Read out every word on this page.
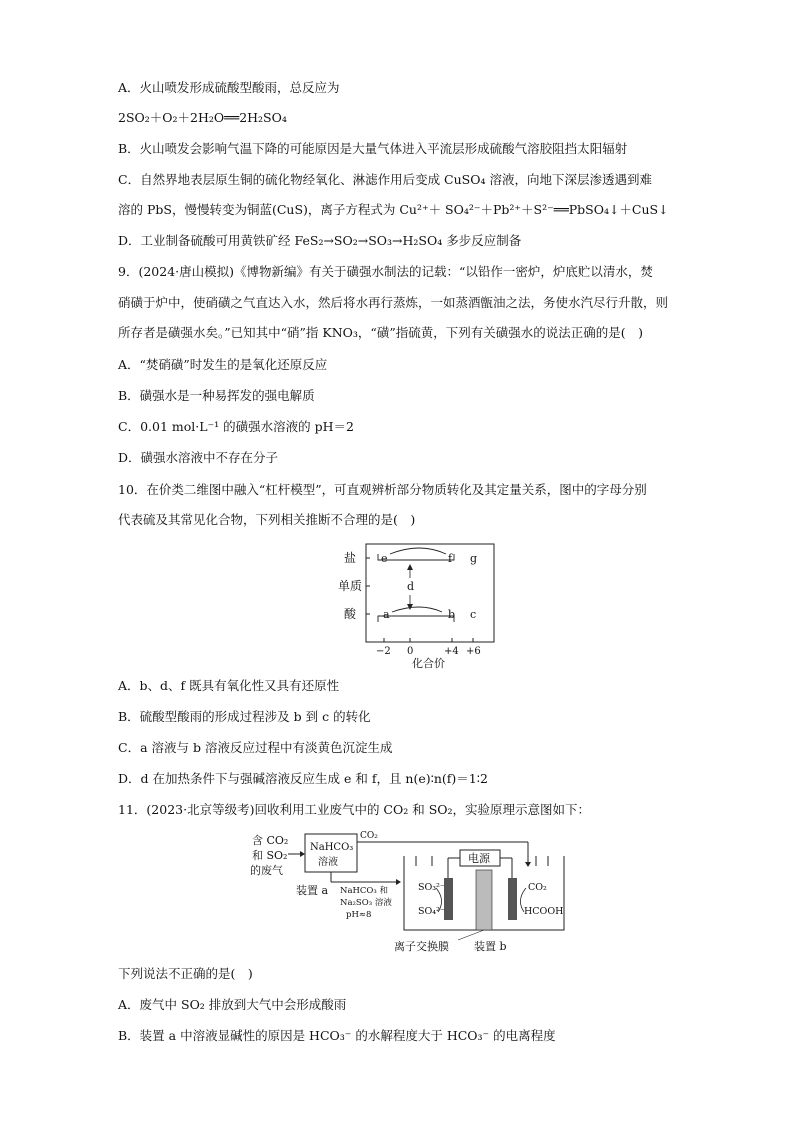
A．火山喷发形成硫酸型酸雨，总反应为
2SO₂＋O₂＋2H₂O══2H₂SO₄
B．火山喷发会影响气温下降的可能原因是大量气体进入平流层形成硫酸气溶胶阻挡太阳辐射
C．自然界地表层原生铜的硫化物经氧化、淋滤作用后变成 CuSO₄ 溶液，向地下深层渗透遇到难
溶的 PbS，慢慢转变为铜蓝(CuS)，离子方程式为 Cu²⁺＋ SO₄²⁻＋Pb²⁺＋S²⁻══PbSO₄↓＋CuS↓
D．工业制备硫酸可用黄铁矿经 FeS₂→SO₂→SO₃→H₂SO₄ 多步反应制备
9．(2024·唐山模拟)《博物新编》有关于磺强水制法的记载：“以铅作一密炉，炉底贮以清水，焚
硝磺于炉中，使硝磺之气直达入水，然后将水再行蒸炼，一如蒸酒甑油之法，务使水汽尽行升散，则
所存者是磺强水矣。”已知其中“硝”指 KNO₃，“磺”指硫黄，下列有关磺强水的说法正确的是(　)
A．“焚硝磺”时发生的是氧化还原反应
B．磺强水是一种易挥发的强电解质
C．0.01 mol·L⁻¹ 的磺强水溶液的 pH＝2
D．磺强水溶液中不存在分子
10．在价类二维图中融入“杠杆模型”，可直观辨析部分物质转化及其定量关系，图中的字母分别
代表硫及其常见化合物，下列相关推断不合理的是(　)
盐
单质
酸
e	f g
d
a	b c
−2 0	+4 +6
化合价
A．b、d、f 既具有氧化性又具有还原性
B．硫酸型酸雨的形成过程涉及 b 到 c 的转化
C．a 溶液与 b 溶液反应过程中有淡黄色沉淀生成
D．d 在加热条件下与强碱溶液反应生成 e 和 f，且 n(e)∶n(f)＝1∶2
11．(2023·北京等级考)回收利用工业废气中的 CO₂ 和 SO₂，实验原理示意图如下：
含 CO₂
和 SO₂
的废气
NaHCO₃
溶液
CO₂
装置 a NaHCO₃ 和
Na₂SO₃ 溶液
pH≈8
电源
SO₃²⁻
SO₄²⁻
CO₂
HCOOH
离子交换膜 装置 b
下列说法不正确的是(　)
A．废气中 SO₂ 排放到大气中会形成酸雨
B．装置 a 中溶液显碱性的原因是 HCO₃⁻ 的水解程度大于 HCO₃⁻ 的电离程度
